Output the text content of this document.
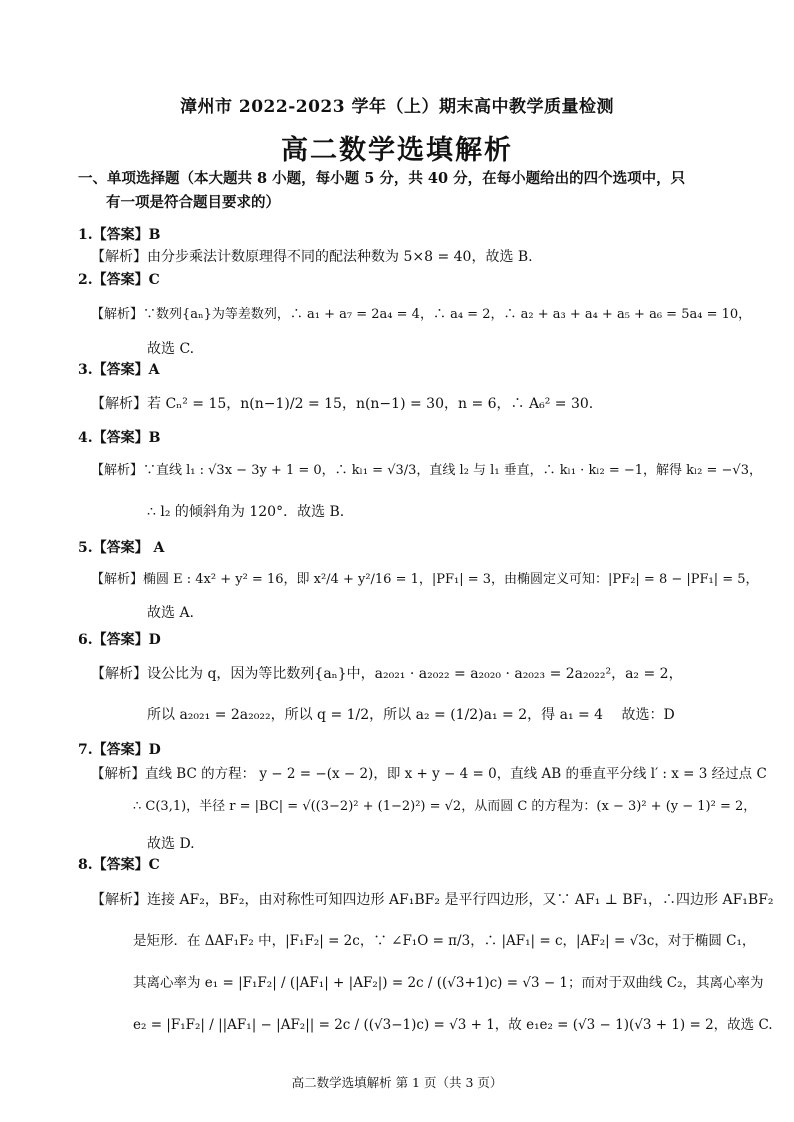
漳州市 2022-2023 学年（上）期末高中教学质量检测
高二数学选填解析
一、单项选择题（本大题共 8 小题，每小题 5 分，共 40 分，在每小题给出的四个选项中，只
有一项是符合题目要求的）
1.【答案】B
【解析】由分步乘法计数原理得不同的配法种数为 5×8 = 40，故选 B.
2.【答案】C
【解析】∵数列{aₙ}为等差数列，∴ a₁ + a₇ = 2a₄ = 4，∴ a₄ = 2，∴ a₂ + a₃ + a₄ + a₅ + a₆ = 5a₄ = 10，
故选 C.
3.【答案】A
【解析】若 Cₙ² = 15，n(n−1)/2 = 15，n(n−1) = 30，n = 6，∴ A₆² = 30.
4.【答案】B
【解析】∵直线 l₁ : √3x − 3y + 1 = 0，∴ kₗ₁ = √3/3，直线 l₂ 与 l₁ 垂直，∴ kₗ₁ · kₗ₂ = −1，解得 kₗ₂ = −√3，
∴ l₂ 的倾斜角为 120°．故选 B.
5.【答案】 A
【解析】椭圆 E : 4x² + y² = 16，即 x²/4 + y²/16 = 1，|PF₁| = 3，由椭圆定义可知：|PF₂| = 8 − |PF₁| = 5，
故选 A.
6.【答案】D
【解析】设公比为 q，因为等比数列{aₙ}中，a₂₀₂₁ · a₂₀₂₂ = a₂₀₂₀ · a₂₀₂₃ = 2a₂₀₂₂²，a₂ = 2，
所以 a₂₀₂₁ = 2a₂₀₂₂，所以 q = 1/2，所以 a₂ = (1/2)a₁ = 2，得 a₁ = 4　 故选：D
7.【答案】D
【解析】直线 BC 的方程： y − 2 = −(x − 2)，即 x + y − 4 = 0，直线 AB 的垂直平分线 l′ : x = 3 经过点 C
∴ C(3,1)，半径 r = |BC| = √((3−2)² + (1−2)²) = √2，从而圆 C 的方程为：(x − 3)² + (y − 1)² = 2，
故选 D.
8.【答案】C
【解析】连接 AF₂，BF₂，由对称性可知四边形 AF₁BF₂ 是平行四边形，又∵ AF₁ ⊥ BF₁，∴四边形 AF₁BF₂
是矩形．在 ΔAF₁F₂ 中，|F₁F₂| = 2c，∵ ∠F₁O = π/3，∴ |AF₁| = c，|AF₂| = √3c，对于椭圆 C₁，
其离心率为 e₁ = |F₁F₂| / (|AF₁| + |AF₂|) = 2c / ((√3+1)c) = √3 − 1；而对于双曲线 C₂，其离心率为
e₂ = |F₁F₂| / ||AF₁| − |AF₂|| = 2c / ((√3−1)c) = √3 + 1，故 e₁e₂ = (√3 − 1)(√3 + 1) = 2，故选 C.
高二数学选填解析 第 1 页（共 3 页）
